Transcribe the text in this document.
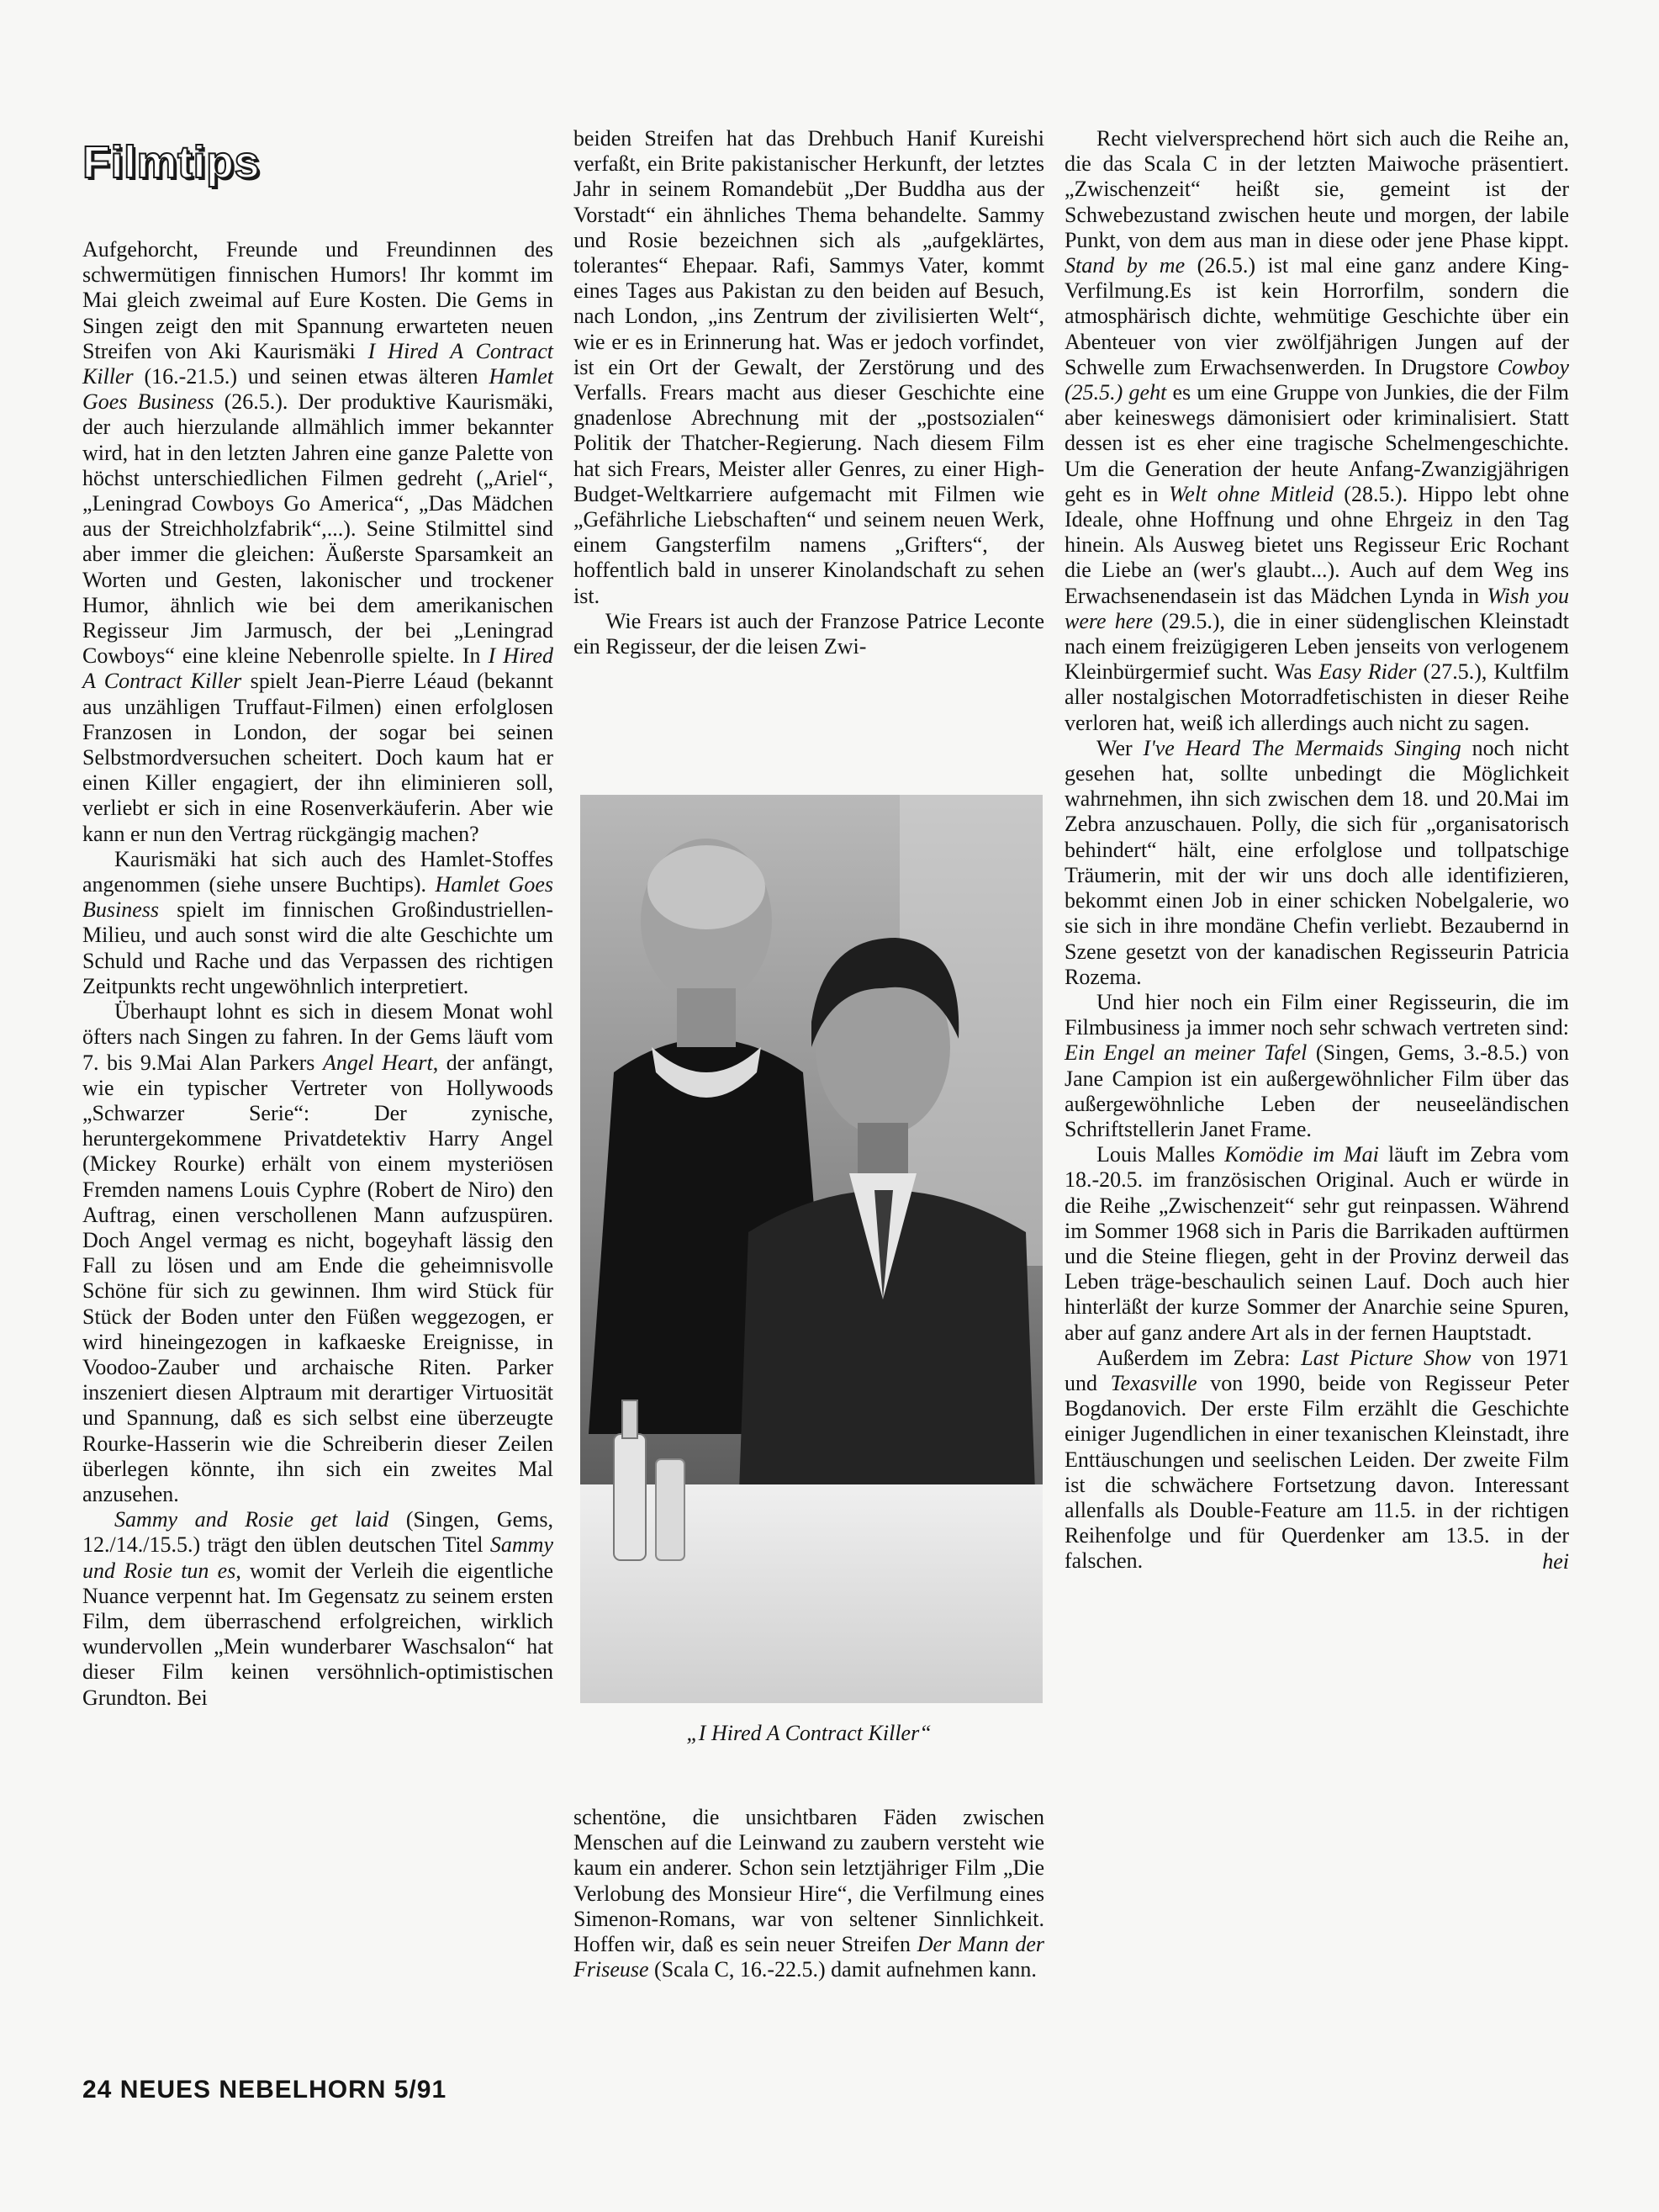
Filmtips

Aufgehorcht, Freunde und Freundinnen des schwermütigen finnischen Humors! Ihr kommt im Mai gleich zweimal auf Eure Kosten. Die Gems in Singen zeigt den mit Spannung erwarteten neuen Streifen von Aki Kaurismäki I Hired A Contract Killer (16.-21.5.) und seinen etwas älteren Hamlet Goes Business (26.5.). Der produktive Kaurismäki, der auch hierzulande allmählich immer bekannter wird, hat in den letzten Jahren eine ganze Palette von höchst unterschiedlichen Filmen gedreht („Ariel“, „Leningrad Cowboys Go America“, „Das Mädchen aus der Streichholzfabrik“,...). Seine Stilmittel sind aber immer die gleichen: Äußerste Sparsamkeit an Worten und Gesten, lakonischer und trockener Humor, ähnlich wie bei dem amerikanischen Regisseur Jim Jarmusch, der bei „Leningrad Cowboys“ eine kleine Nebenrolle spielte. In I Hired A Contract Killer spielt Jean-Pierre Léaud (bekannt aus unzähligen Truffaut-Filmen) einen erfolglosen Franzosen in London, der sogar bei seinen Selbstmordversuchen scheitert. Doch kaum hat er einen Killer engagiert, der ihn eliminieren soll, verliebt er sich in eine Rosenverkäuferin. Aber wie kann er nun den Vertrag rückgängig machen?

Kaurismäki hat sich auch des Hamlet-Stoffes angenommen (siehe unsere Buchtips). Hamlet Goes Business spielt im finnischen Großindustriellen-Milieu, und auch sonst wird die alte Geschichte um Schuld und Rache und das Verpassen des richtigen Zeitpunkts recht ungewöhnlich interpretiert.

Überhaupt lohnt es sich in diesem Monat wohl öfters nach Singen zu fahren. In der Gems läuft vom 7. bis 9.Mai Alan Parkers Angel Heart, der anfängt, wie ein typischer Vertreter von Hollywoods „Schwarzer Serie“: Der zynische, heruntergekommene Privatdetektiv Harry Angel (Mickey Rourke) erhält von einem mysteriösen Fremden namens Louis Cyphre (Robert de Niro) den Auftrag, einen verschollenen Mann aufzuspüren. Doch Angel vermag es nicht, bogeyhaft lässig den Fall zu lösen und am Ende die geheimnisvolle Schöne für sich zu gewinnen. Ihm wird Stück für Stück der Boden unter den Füßen weggezogen, er wird hineingezogen in kafkaeske Ereignisse, in Voodoo-Zauber und archaische Riten. Parker inszeniert diesen Alptraum mit derartiger Virtuosität und Spannung, daß es sich selbst eine überzeugte Rourke-Hasserin wie die Schreiberin dieser Zeilen überlegen könnte, ihn sich ein zweites Mal anzusehen.

Sammy and Rosie get laid (Singen, Gems, 12./14./15.5.) trägt den üblen deutschen Titel Sammy und Rosie tun es, womit der Verleih die eigentliche Nuance verpennt hat. Im Gegensatz zu seinem ersten Film, dem überraschend erfolgreichen, wirklich wundervollen „Mein wunderbarer Waschsalon“ hat dieser Film keinen versöhnlich-optimistischen Grundton. Bei

beiden Streifen hat das Drehbuch Hanif Kureishi verfaßt, ein Brite pakistanischer Herkunft, der letztes Jahr in seinem Romandebüt „Der Buddha aus der Vorstadt“ ein ähnliches Thema behandelte. Sammy und Rosie bezeichnen sich als „aufgeklärtes, tolerantes“ Ehepaar. Rafi, Sammys Vater, kommt eines Tages aus Pakistan zu den beiden auf Besuch, nach London, „ins Zentrum der zivilisierten Welt“, wie er es in Erinnerung hat. Was er jedoch vorfindet, ist ein Ort der Gewalt, der Zerstörung und des Verfalls. Frears macht aus dieser Geschichte eine gnadenlose Abrechnung mit der „postsozialen“ Politik der Thatcher-Regierung. Nach diesem Film hat sich Frears, Meister aller Genres, zu einer High-Budget-Weltkarriere aufgemacht mit Filmen wie „Gefährliche Liebschaften“ und seinem neuen Werk, einem Gangsterfilm namens „Grifters“, der hoffentlich bald in unserer Kinolandschaft zu sehen ist.

Wie Frears ist auch der Franzose Patrice Leconte ein Regisseur, der die leisen Zwi-

„I Hired A Contract Killer“

schentöne, die unsichtbaren Fäden zwischen Menschen auf die Leinwand zu zaubern versteht wie kaum ein anderer. Schon sein letztjähriger Film „Die Verlobung des Monsieur Hire“, die Verfilmung eines Simenon-Romans, war von seltener Sinnlichkeit. Hoffen wir, daß es sein neuer Streifen Der Mann der Friseuse (Scala C, 16.-22.5.) damit aufnehmen kann.

Recht vielversprechend hört sich auch die Reihe an, die das Scala C in der letzten Maiwoche präsentiert. „Zwischenzeit“ heißt sie, gemeint ist der Schwebezustand zwischen heute und morgen, der labile Punkt, von dem aus man in diese oder jene Phase kippt. Stand by me (26.5.) ist mal eine ganz andere King-Verfilmung.Es ist kein Horrorfilm, sondern die atmosphärisch dichte, wehmütige Geschichte über ein Abenteuer von vier zwölfjährigen Jungen auf der Schwelle zum Erwachsenwerden. In Drugstore Cowboy (25.5.) geht es um eine Gruppe von Junkies, die der Film aber keineswegs dämonisiert oder kriminalisiert. Statt dessen ist es eher eine tragische Schelmengeschichte. Um die Generation der heute Anfang-Zwanzigjährigen geht es in Welt ohne Mitleid (28.5.). Hippo lebt ohne Ideale, ohne Hoffnung und ohne Ehrgeiz in den Tag hinein. Als Ausweg bietet uns Regisseur Eric Rochant die Liebe an (wer's glaubt...). Auch auf dem Weg ins Erwachsenendasein ist das Mädchen Lynda in Wish you were here (29.5.), die in einer südenglischen Kleinstadt nach einem freizügigeren Leben jenseits von verlogenem Kleinbürgermief sucht. Was Easy Rider (27.5.), Kultfilm aller nostalgischen Motorradfetischisten in dieser Reihe verloren hat, weiß ich allerdings auch nicht zu sagen.

Wer I've Heard The Mermaids Singing noch nicht gesehen hat, sollte unbedingt die Möglichkeit wahrnehmen, ihn sich zwischen dem 18. und 20.Mai im Zebra anzuschauen. Polly, die sich für „organisatorisch behindert“ hält, eine erfolglose und tollpatschige Träumerin, mit der wir uns doch alle identifizieren, bekommt einen Job in einer schicken Nobelgalerie, wo sie sich in ihre mondäne Chefin verliebt. Bezaubernd in Szene gesetzt von der kanadischen Regisseurin Patricia Rozema.

Und hier noch ein Film einer Regisseurin, die im Filmbusiness ja immer noch sehr schwach vertreten sind: Ein Engel an meiner Tafel (Singen, Gems, 3.-8.5.) von Jane Campion ist ein außergewöhnlicher Film über das außergewöhnliche Leben der neuseeländischen Schriftstellerin Janet Frame.

Louis Malles Komödie im Mai läuft im Zebra vom 18.-20.5. im französischen Original. Auch er würde in die Reihe „Zwischenzeit“ sehr gut reinpassen. Während im Sommer 1968 sich in Paris die Barrikaden auftürmen und die Steine fliegen, geht in der Provinz derweil das Leben träge-beschaulich seinen Lauf. Doch auch hier hinterläßt der kurze Sommer der Anarchie seine Spuren, aber auf ganz andere Art als in der fernen Hauptstadt.

Außerdem im Zebra: Last Picture Show von 1971 und Texasville von 1990, beide von Regisseur Peter Bogdanovich. Der erste Film erzählt die Geschichte einiger Jugendlichen in einer texanischen Kleinstadt, ihre Enttäuschungen und seelischen Leiden. Der zweite Film ist die schwächere Fortsetzung davon. Interessant allenfalls als Double-Feature am 11.5. in der richtigen Reihenfolge und für Querdenker am 13.5. in der falschen.	hei
24 NEUES NEBELHORN 5/91
